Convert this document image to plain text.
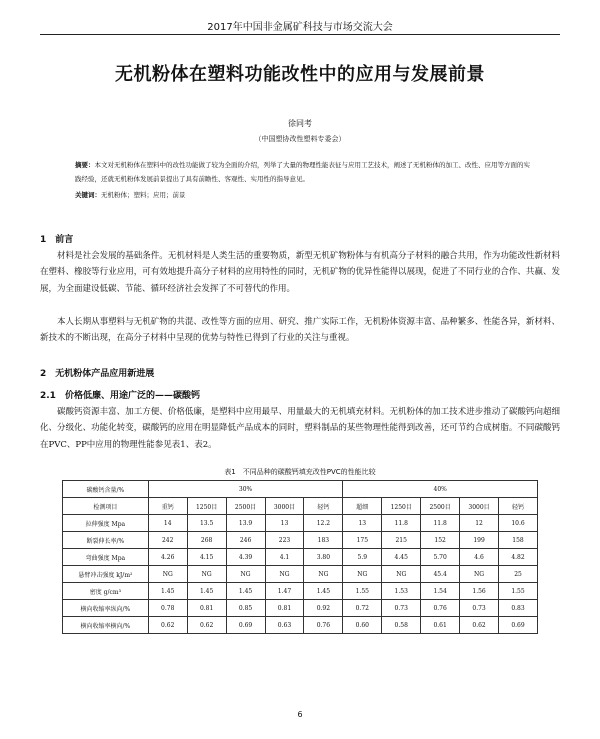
2017年中国非金属矿科技与市场交流大会
无机粉体在塑料功能改性中的应用与发展前景
徐同考
（中国塑协改性塑料专委会）
摘要：本文对无机粉体在塑料中的改性功能做了较为全面的介绍，列举了大量的物理性能表征与应用工艺技术，阐述了无机粉体的加工、改性、应用等方面的实践经验，还就无机粉体发展前景提出了具有前瞻性、客观性、实用性的指导意见。
关键词：无机粉体；塑料；应用；前景
1　前言
材料是社会发展的基础条件。无机材料是人类生活的重要物质，新型无机矿物粉体与有机高分子材料的融合共用，作为功能改性新材料在塑料、橡胶等行业应用，可有效地提升高分子材料的应用特性的同时，无机矿物的优异性能得以展现，促进了不同行业的合作、共赢、发展，为全面建设低碳、节能、循环经济社会发挥了不可替代的作用。
本人长期从事塑料与无机矿物的共混、改性等方面的应用、研究、推广实际工作，无机粉体资源丰富、品种繁多、性能各异，新材料、新技术的不断出现，在高分子材料中呈现的优势与特性已得到了行业的关注与重视。
2　无机粉体产品应用新进展
2.1　价格低廉、用途广泛的——碳酸钙
碳酸钙资源丰富、加工方便、价格低廉，是塑料中应用最早、用量最大的无机填充材料。无机粉体的加工技术进步推动了碳酸钙向超细化、分级化、功能化转变，碳酸钙的应用在明显降低产品成本的同时，塑料制品的某些物理性能得到改善，还可节约合成树脂。不同碳酸钙在PVC、PP中应用的物理性能参见表1、表2。
表1　不同品种的碳酸钙填充改性PVC的性能比较
碳酸钙含量/%	30%					40%				
检测项目	重钙	1250目	2500目	3000目	轻钙	超细	1250目	2500目	3000目	轻钙
拉伸强度 Mpa	14	13.5	13.9	13	12.2	13	11.8	11.8	12	10.6
断裂伸长率/%	242	268	246	223	183	175	215	152	199	158
弯曲强度 Mpa	4.26	4.15	4.39	4.1	3.80	5.9	4.45	5.70	4.6	4.82
悬臂冲击强度 kJ/m²	NG	NG	NG	NG	NG	NG	NG	45.4	NG	25
密度 g/cm³	1.45	1.45	1.45	1.47	1.45	1.55	1.53	1.54	1.56	1.55
横向收缩率纵向/%	0.78	0.81	0.85	0.81	0.92	0.72	0.73	0.76	0.73	0.83
横向收缩率横向/%	0.62	0.62	0.69	0.63	0.76	0.60	0.58	0.61	0.62	0.69
6
